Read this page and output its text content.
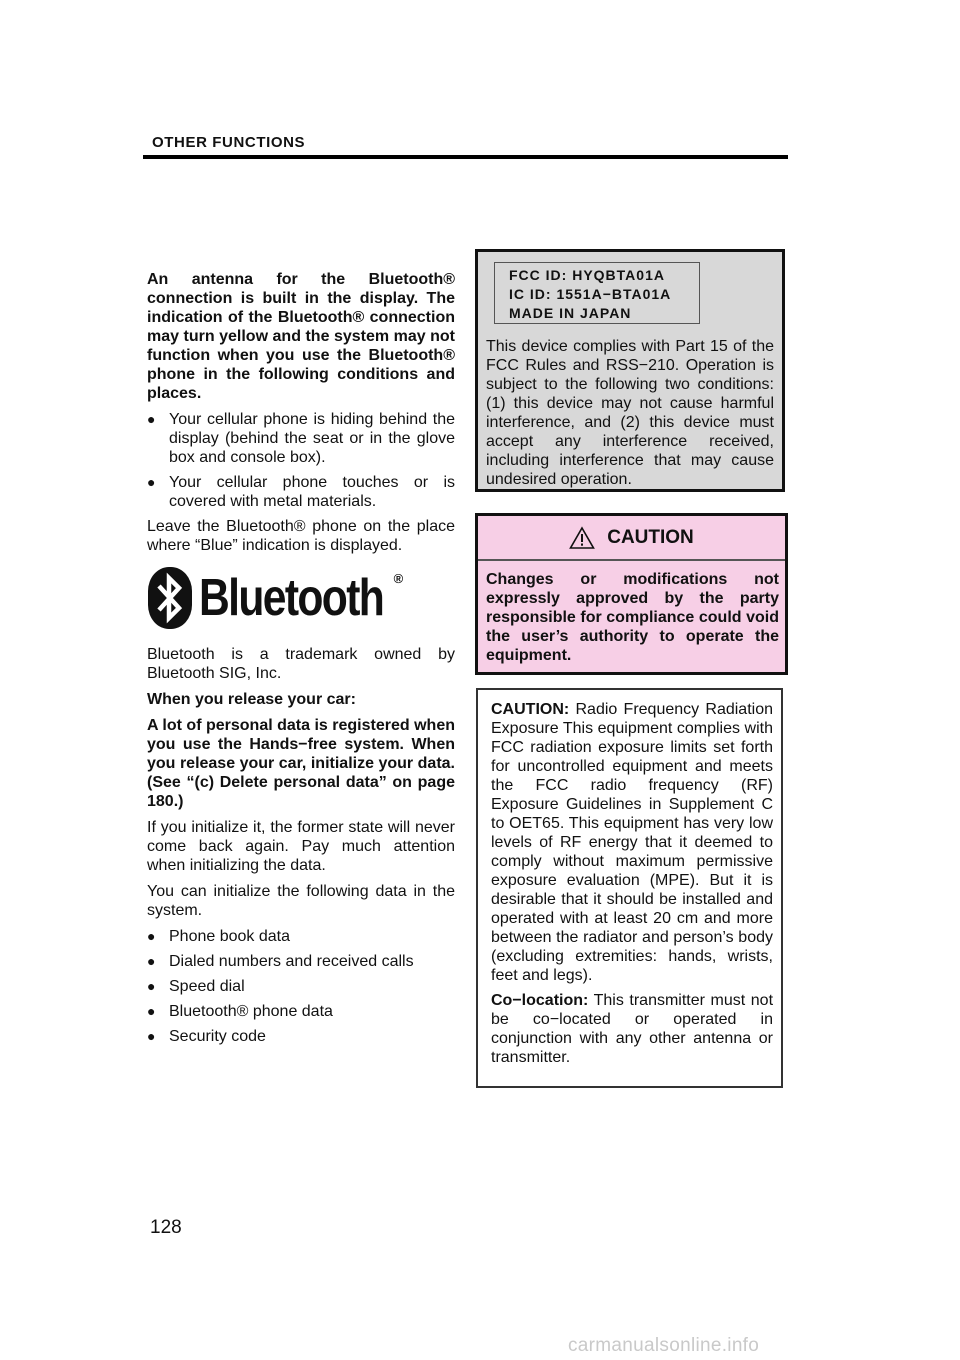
OTHER FUNCTIONS

An antenna for the Bluetooth® connection is built in the display. The indication of the Bluetooth® connection may turn yellow and the system may not function when you use the Bluetooth® phone in the following conditions and places.

● Your cellular phone is hiding behind the display (behind the seat or in the glove box and console box).
● Your cellular phone touches or is covered with metal materials.

Leave the Bluetooth® phone on the place where “Blue” indication is displayed.

Bluetooth ®

Bluetooth is a trademark owned by Bluetooth SIG, Inc.

When you release your car:

A lot of personal data is registered when you use the Hands−free system. When you release your car, initialize your data. (See “(c) Delete personal data” on page 180.)

If you initialize it, the former state will never come back again. Pay much attention when initializing the data.

You can initialize the following data in the system.

● Phone book data
● Dialed numbers and received calls
● Speed dial
● Bluetooth® phone data
● Security code
FCC ID: HYQBTA01A
IC ID: 1551A−BTA01A
MADE IN JAPAN
This device complies with Part 15 of the FCC Rules and RSS−210. Operation is subject to the following two conditions: (1) this device may not cause harmful interference, and (2) this device must accept any interference received, including interference that may cause undesired operation.
CAUTION
Changes or modifications not expressly approved by the party responsible for compliance could void the user’s authority to operate the equipment.

CAUTION: Radio Frequency Radiation Exposure This equipment complies with FCC radiation exposure limits set forth for uncontrolled equipment and meets the FCC radio frequency (RF) Exposure Guidelines in Supplement C to OET65. This equipment has very low levels of RF energy that it deemed to comply without maximum permissive exposure evaluation (MPE). But it is desirable that it should be installed and operated with at least 20 cm and more between the radiator and person’s body (excluding extremities: hands, wrists, feet and legs).

Co−location: This transmitter must not be co−located or operated in conjunction with any other antenna or transmitter.

128
carmanualsonline.info
